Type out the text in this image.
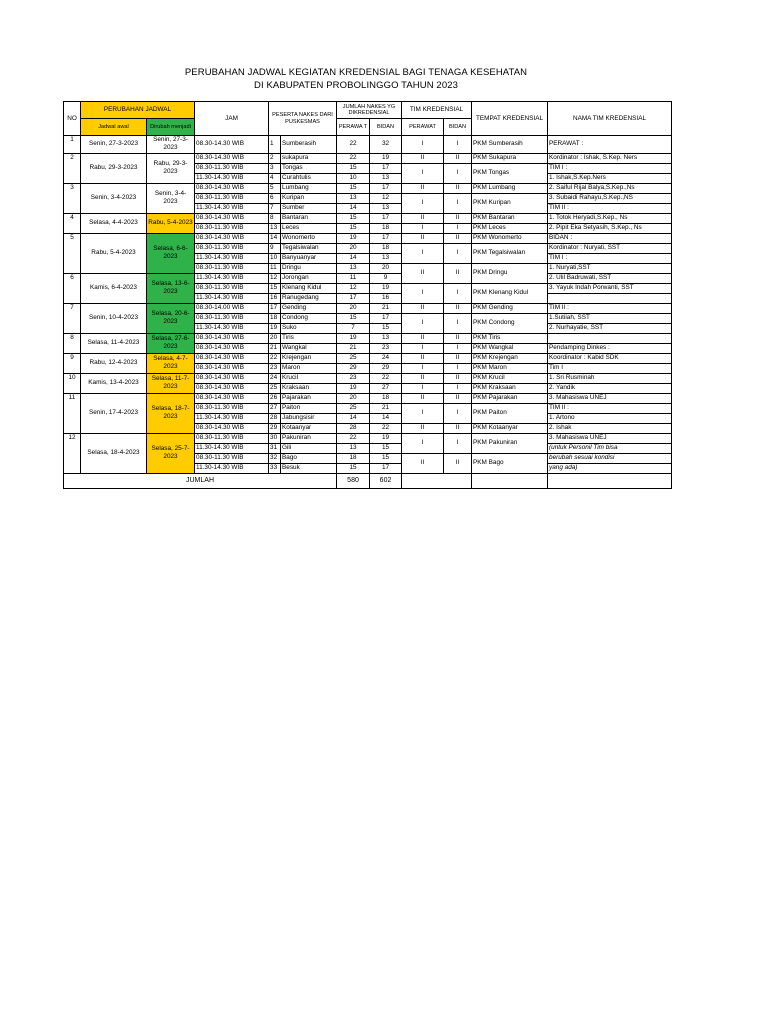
PERUBAHAN JADWAL KEGIATAN KREDENSIAL BAGI TENAGA KESEHATAN
DI KABUPATEN PROBOLINGGO TAHUN 2023
NO	PERUBAHAN JADWAL		JAM	PESERTA NAKES DARI PUSKESMAS		JUMLAH NAKES YG DIKREDENSIAL		TIM KREDENSIAL		TEMPAT KREDENSIAL	NAMA TIM KREDENSIAL
	Jadwal awal	Dirubah menjadi				PERAWA T	BIDAN	PERAWAT	BIDAN		
1	Senin, 27-3-2023	Senin, 27-3-2023	08.30-14.30 WIB	1	Sumberasih	22	32	I	I	PKM Sumberasih	PERAWAT :
2	Rabu, 29-3-2023	Rabu, 29-3-2023	08.30-14.30 WIB	2	sukapura	22	19	II	II	PKM Sukapura	Kordinator : Ishak, S.Kep. Ners
			08.30-11.30 WIB	3	Tongas	15	17	I	I	PKM Tongas	TIM I :
			11.30-14.30 WIB	4	Curahtulis	10	13				1. Ishak,S.Kep.Ners
3	Senin, 3-4-2023	Senin, 3-4-2023	08.30-14.30 WIB	5	Lumbang	15	17	II	II	PKM Lumbang	2. Saiful Rijal Balya,S.Kep.,Ns
			08.30-11.30 WIB	6	Kuripan	13	12	I	I	PKM Kuripan	3. Subaidi Rahayu,S.Kep.,NS
			11.30-14.30 WIB	7	Sumber	14	13				TIM II :
4	Selasa, 4-4-2023	Rabu, 5-4-2023	08.30-14.30 WIB	8	Bantaran	15	17	II	II	PKM Bantaran	1. Totok Heryadi,S.Kep., Ns
			08.30-11.30 WIB	13	Leces	15	18	I	I	PKM Leces	2. Pipit Eka Setyasih, S.Kep., Ns
5	Rabu, 5-4-2023	Selasa, 6-6-2023	08.30-14.30 WIB	14	Wonomerto	19	17	II	II	PKM Wonomerto	BIDAN :
			08.30-11.30 WIB	9	Tegalsiwalan	20	18	I	I	PKM Tegalsiwalan	Kordinator : Nuryati, SST
			11.30-14.30 WIB	10	Banyuanyar	14	13				TIM I :
			08.30-11.30 WIB	11	Dringu	13	20	II	II	PKM Dringu	1. Nuryati,SST
6	Kamis, 6-4-2023	Selasa, 13-6-2023	11.30-14.30 WIB	12	Jorongan	11	9				2. Ulil Badruwati, SST
			08.30-11.30 WIB	15	Klenang Kidul	12	19	I	I	PKM Klenang Kidul	3. Yayuk Indah Porwanti, SST
			11.30-14.30 WIB	16	Ranugedang	17	16				
7	Senin, 10-4-2023	Selasa, 20-6-2023	08.30-14.00 WIB	17	Gending	20	21	II	II	PKM Gending	TIM II :
			08.30-11.30 WIB	18	Condong	15	17	I	I	PKM Condong	1.Sutiiah, SST
			11.30-14.30 WIB	19	Suko	7	15				2. Nurhayatie, SST
8	Selasa, 11-4-2023	Selasa, 27-6-2023	08.30-14.30 WIB	20	Tiris	19	13	II	II	PKM Tiris	
			08.30-14.30 WIB	21	Wangkal	21	23	I	I	PKM Wangkal	Pendamping Dinkes :
9	Rabu, 12-4-2023	Selasa, 4-7-2023	08.30-14.30 WIB	22	Krejengan	25	24	II	II	PKM Krejengan	Koordinator : Kabid SDK
			08.30-14.30 WIB	23	Maron	29	29	I	I	PKM Maron	Tim I
10	Kamis, 13-4-2023	Selasa, 11-7-2023	08.30-14.30 WIB	24	Krucil	23	22	II	II	PKM Krucil	1. Sri Rusminah
			08.30-14.30 WIB	25	Kraksaan	19	27	I	I	PKM Kraksaan	2. Yandik
11	Senin, 17-4-2023	Selasa, 18-7-2023	08.30-14.30 WIB	26	Pajarakan	20	18	II	II	PKM Pajarakan	3. Mahasiswa UNEJ
			08.30-11.30 WIB	27	Paiton	25	21	I	I	PKM Paiton	TIM II :
			11.30-14.30 WIB	28	Jabungsisir	14	14				1. Artono
			08.30-14.30 WIB	29	Kotaanyar	28	22	II	II	PKM Kotaanyar	2. Ishak
12	Selasa, 18-4-2023	Selasa, 25-7-2023	08.30-11.30 WIB	30	Pakuniran	22	19	I	I	PKM Pakuniran	3. Mahasiswa UNEJ
			11.30-14.30 WIB	31	Gili	13	15				(untuk Personil Tim bisa
			08.30-11.30 WIB	32	Bago	18	15	II	II	PKM Bago	berubah sesuai kondisi
			11.30-14.30 WIB	33	Besuk	15	17				yang ada)
JUMLAH						580	602				
